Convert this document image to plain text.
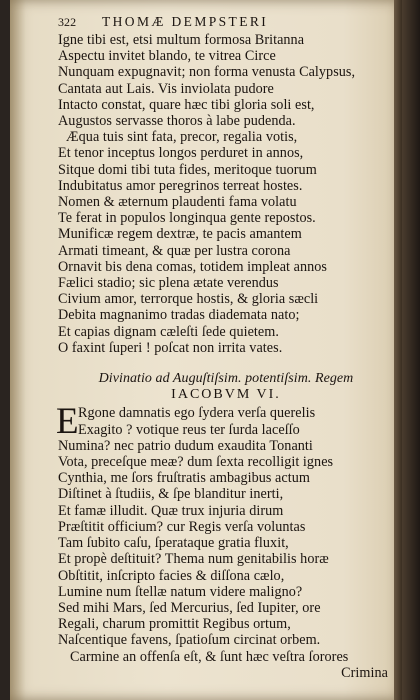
322	THOMÆ DEMPSTERI
Igne tibi est, etsi multum formosa Britanna
Aspectu invitet blando, te vitrea Circe
Nunquam expugnavit; non forma venusta Calypsus,
Cantata aut Lais. Vis inviolata pudore
Intacto constat, quare hæc tibi gloria soli est,
Augustos servasse thoros à labe pudenda.
Æqua tuis sint fata, precor, regalia votis,
Et tenor inceptus longos perduret in annos,
Sitque domi tibi tuta fides, meritoque tuorum
Indubitatus amor peregrinos terreat hostes.
Nomen & æternum plaudenti fama volatu
Te ferat in populos longinqua gente repostos.
Munificæ regem dextræ, te pacis amantem
Armati timeant, & quæ per lustra corona
Ornavit bis dena comas, totidem impleat annos
Fælici stadio; sic plena ætate verendus
Civium amor, terrorque hostis, & gloria sæcli
Debita magnanimo tradas diademata nato;
Et capias dignam cæleſti ſede quietem.
O faxint ſuperi ! poſcat non irrita vates.
Divinatio ad Auguſtiſsim. potentiſsim. Regem
IACOBVM VI.
E Rgone damnatis ego ſydera verſa querelis
Exagito ? votique reus ter ſurda laceſſo
Numina? nec patrio dudum exaudita Tonanti
Vota, preceſque meæ? dum ſexta recolligit ignes
Cynthia, me ſors fruſtratis ambagibus actum
Diſtinet à ſtudiis, & ſpe blanditur inerti,
Et famæ illudit. Quæ trux injuria dirum
Præſtitit officium? cur Regis verſa voluntas
Tam ſubito caſu, ſperataque gratia fluxit,
Et propè deſtituit? Thema num genitabilis horæ
Obſtitit, inſcripto facies & diſſona cælo,
Lumine num ſtellæ natum videre maligno?
Sed mihi Mars, ſed Mercurius, ſed Iupiter, ore
Regali, charum promittit Regibus ortum,
Naſcentique favens, ſpatioſum circinat orbem.
Carmine an offenſa eſt, & ſunt hæc veſtra ſorores
Crimina
